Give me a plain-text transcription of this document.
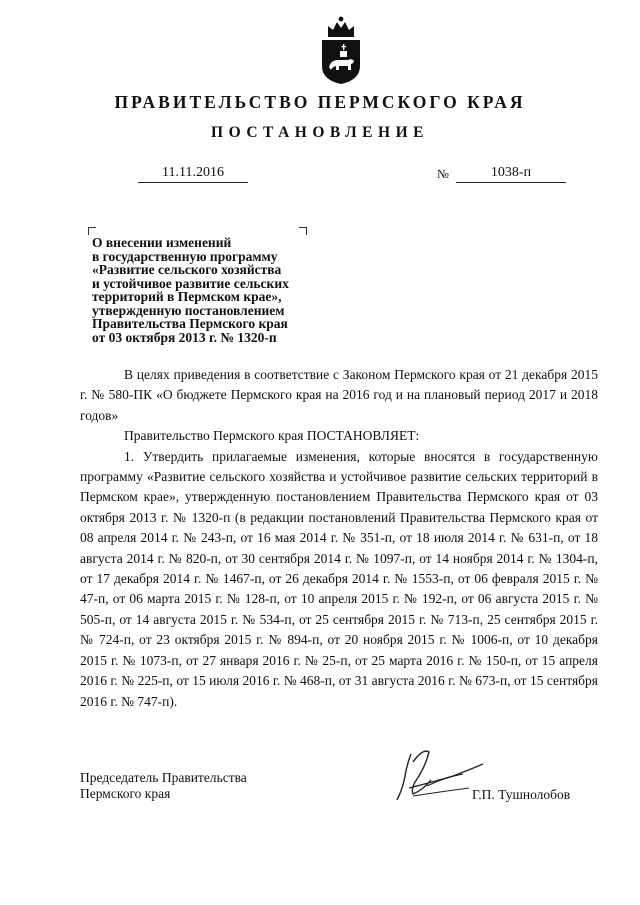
ПРАВИТЕЛЬСТВО ПЕРМСКОГО КРАЯ
ПОСТАНОВЛЕНИЕ
11.11.2016	№	1038-п
О внесении изменений
в государственную программу
«Развитие сельского хозяйства
и устойчивое развитие сельских
территорий в Пермском крае»,
утвержденную постановлением
Правительства Пермского края
от 03 октября 2013 г. № 1320-п

В целях приведения в соответствие с Законом Пермского края от 21 декабря 2015 г. № 580-ПК «О бюджете Пермского края на 2016 год и на плановый период 2017 и 2018 годов»

Правительство Пермского края ПОСТАНОВЛЯЕТ:

1. Утвердить прилагаемые изменения, которые вносятся в государственную программу «Развитие сельского хозяйства и устойчивое развитие сельских территорий в Пермском крае», утвержденную постановлением Правительства Пермского края от 03 октября 2013 г. № 1320-п (в редакции постановлений Правительства Пермского края от 08 апреля 2014 г. № 243-п, от 16 мая 2014 г. № 351-п, от 18 июля 2014 г. № 631-п, от 18 августа 2014 г. № 820-п, от 30 сентября 2014 г. № 1097-п, от 14 ноября 2014 г. № 1304-п, от 17 декабря 2014 г. № 1467-п, от 26 декабря 2014 г. № 1553-п, от 06 февраля 2015 г. № 47-п, от 06 марта 2015 г. № 128-п, от 10 апреля 2015 г. № 192-п, от 06 августа 2015 г. № 505-п, от 14 августа 2015 г. № 534-п, от 25 сентября 2015 г. № 713-п, 25 сентября 2015 г. № 724-п, от 23 октября 2015 г. № 894-п, от 20 ноября 2015 г. № 1006-п, от 10 декабря 2015 г. № 1073-п, от 27 января 2016 г. № 25-п, от 25 марта 2016 г. № 150-п, от 15 апреля 2016 г. № 225-п, от 15 июля 2016 г. № 468-п, от 31 августа 2016 г. № 673-п, от 15 сентября 2016 г. № 747-п).

Председатель Правительства
Пермского края	Г.П. Тушнолобов
